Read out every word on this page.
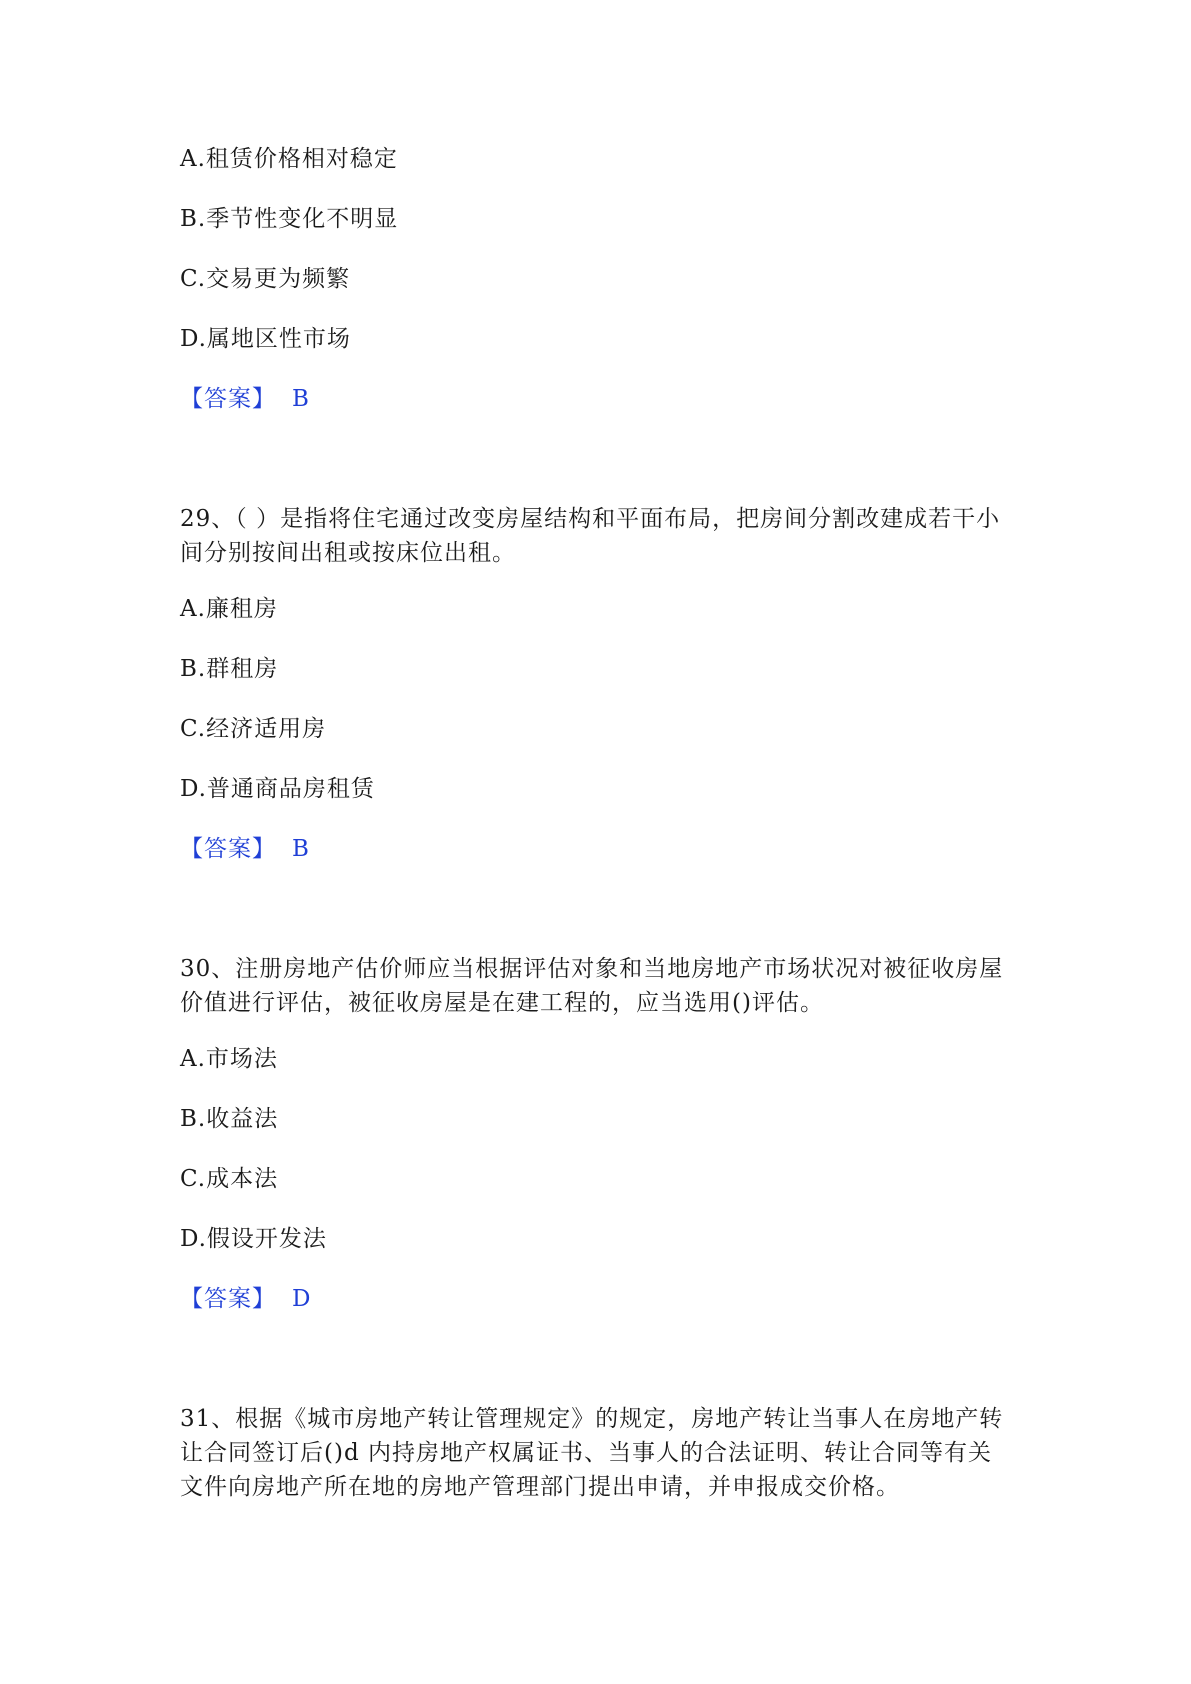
A.租赁价格相对稳定
B.季节性变化不明显
C.交易更为频繁
D.属地区性市场
【答案】 B
29、（ ）是指将住宅通过改变房屋结构和平面布局，把房间分割改建成若干小
间分别按间出租或按床位出租。
A.廉租房
B.群租房
C.经济适用房
D.普通商品房租赁
【答案】 B
30、注册房地产估价师应当根据评估对象和当地房地产市场状况对被征收房屋
价值进行评估，被征收房屋是在建工程的，应当选用()评估。
A.市场法
B.收益法
C.成本法
D.假设开发法
【答案】 D
31、根据《城市房地产转让管理规定》的规定，房地产转让当事人在房地产转
让合同签订后()d 内持房地产权属证书、当事人的合法证明、转让合同等有关
文件向房地产所在地的房地产管理部门提出申请，并申报成交价格。
